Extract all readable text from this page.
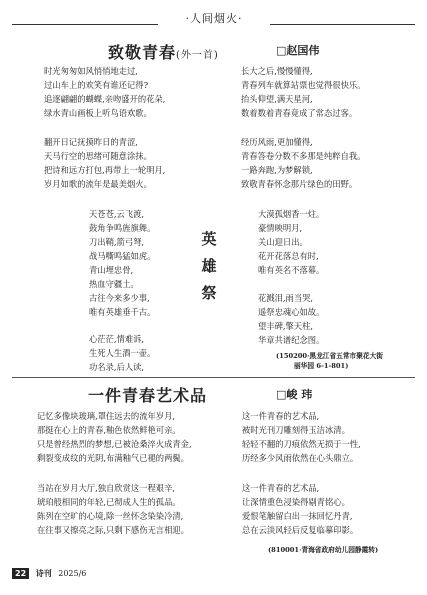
·人间烟火·
致敬青春(外一首)	□赵国伟
时光匆匆如风悄悄地走过,
过山车上的欢笑有谁还记得?
追逐翩翩的蝴蝶,亲吻盛开的花朵,
绿水青山画板上听鸟语欢歌。
翻开日记抚摸昨日的青涩,
天马行空的思绪可随意涂抹。
把诗和远方打包,再带上一轮明月,
岁月如歌的流年是最美烟火。
长大之后,慢慢懂得,
青春列车就算站票也觉得很快乐。
抬头仰望,满天星河,
数着数着青春竟成了常态过客。
经历风雨,更加懂得,
青春答卷分数不多那是纯粹自我。
一路奔跑,为梦解锁,
致敬青春怀念那片绿色的田野。
天苍苍,云飞渡,
鼓角争鸣旌旗舞。
刀出鞘,箭弓弩,
战马嘶鸣猛如虎。
青山埋忠骨,
热血守疆土。
古往今来多少事,
唯有英雄垂千古。
心茫茫,情难诉,
生死人生酒一壶。
功名录,后人读,
英
雄
祭
大漠孤烟香一炷。
豪情映明月,
关山迎日出。
花开花落总有时,
唯有英名不落幕。
花溅泪,雨当哭,
遥祭忠魂心如故。
望丰碑,擎天柱,
华章共谱纪念图。
(150200·黑龙江省五常市聚花大街
丽华园 6-1-801)
一件青春艺术品	□峻 玮
记忆多像块玻璃,罩住远去的流年岁月,
那挺在心上的青春,釉色依然鲜艳可亲。
只是曾经热烈的梦想,已被沧桑淬火成青金,
剩裂变成纹的光阴,布满釉气已褪的两鬓。
当站在岁月大厅,独自欣赏这一程艰辛,
琥珀般相同的年轻,已彻成人生的孤品。
陈列在空旷的心境,除一丝怀念染染冷清,
在往事又擦亮之际,只剩下感伤无言相迎。
这一件青春的艺术品,
被时光刊刀雕刻得玉洁冰清。
轻轻不翻的刀痕依然无损于一性,
历经多少风雨依然在心头鼎立。
这一件青春的艺术品,
让深情重色浸染得剔青铭心。
爱恨笔触留白出一抹回忆丹青,
总在云淡风轻后反复临摹印影。
(810001·青海省政府幼儿园静霞转)
22 诗刊 2025/6
